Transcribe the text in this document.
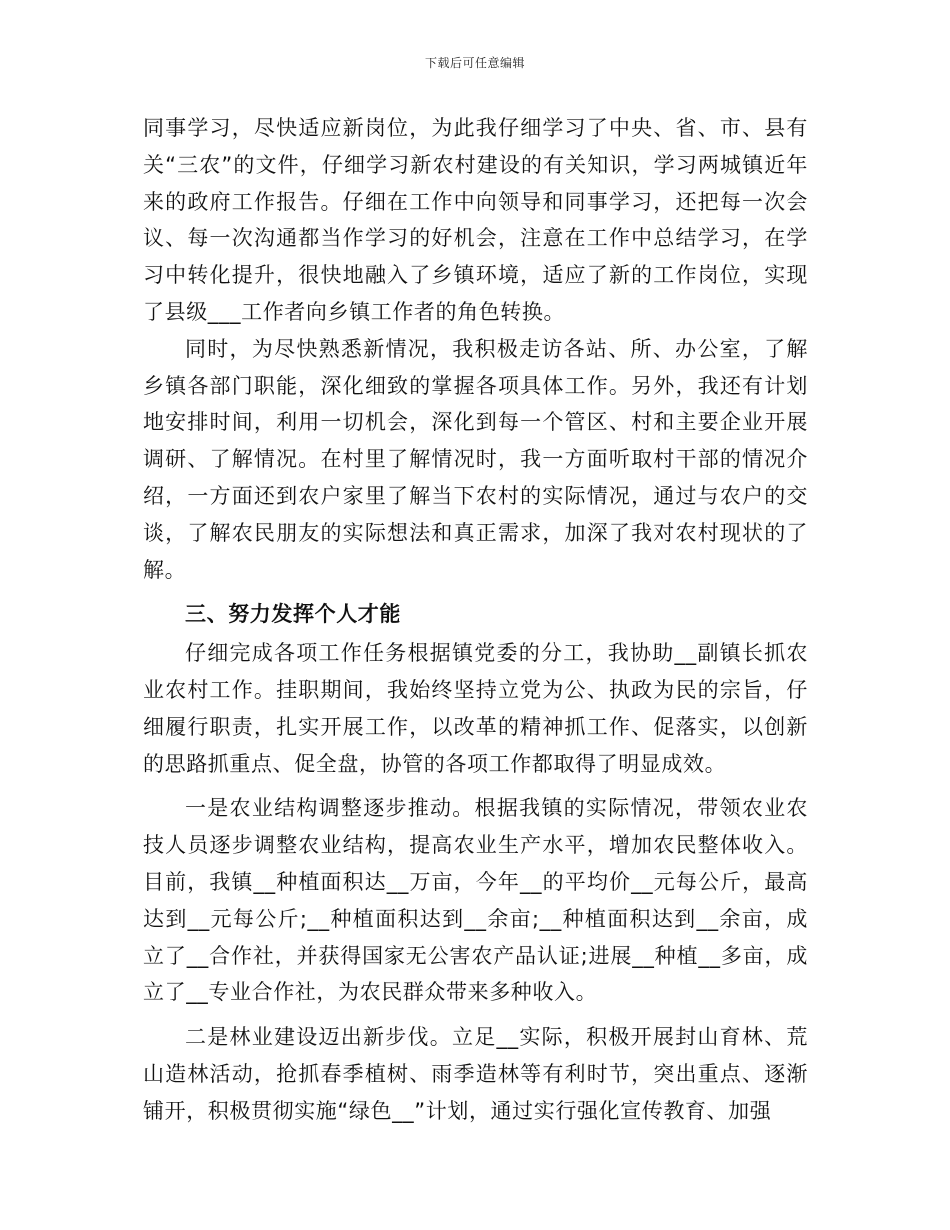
下载后可任意编辑

同事学习，尽快适应新岗位，为此我仔细学习了中央、省、市、县有关“三农”的文件，仔细学习新农村建设的有关知识，学习两城镇近年来的政府工作报告。仔细在工作中向领导和同事学习，还把每一次会议、每一次沟通都当作学习的好机会，注意在工作中总结学习，在学习中转化提升，很快地融入了乡镇环境，适应了新的工作岗位，实现了县级___工作者向乡镇工作者的角色转换。

同时，为尽快熟悉新情况，我积极走访各站、所、办公室，了解乡镇各部门职能，深化细致的掌握各项具体工作。另外，我还有计划地安排时间，利用一切机会，深化到每一个管区、村和主要企业开展调研、了解情况。在村里了解情况时，我一方面听取村干部的情况介绍，一方面还到农户家里了解当下农村的实际情况，通过与农户的交谈，了解农民朋友的实际想法和真正需求，加深了我对农村现状的了解。

三、努力发挥个人才能

仔细完成各项工作任务根据镇党委的分工，我协助__副镇长抓农业农村工作。挂职期间，我始终坚持立党为公、执政为民的宗旨，仔细履行职责，扎实开展工作，以改革的精神抓工作、促落实，以创新的思路抓重点、促全盘，协管的各项工作都取得了明显成效。

一是农业结构调整逐步推动。根据我镇的实际情况，带领农业农技人员逐步调整农业结构，提高农业生产水平，增加农民整体收入。目前，我镇__种植面积达__万亩，今年__的平均价__元每公斤，最高达到__元每公斤;__种植面积达到__余亩;__种植面积达到__余亩，成立了__合作社，并获得国家无公害农产品认证;进展__种植__多亩，成立了__专业合作社，为农民群众带来多种收入。

二是林业建设迈出新步伐。立足__实际，积极开展封山育林、荒山造林活动，抢抓春季植树、雨季造林等有利时节，突出重点、逐渐铺开，积极贯彻实施“绿色__”计划，通过实行强化宣传教育、加强
